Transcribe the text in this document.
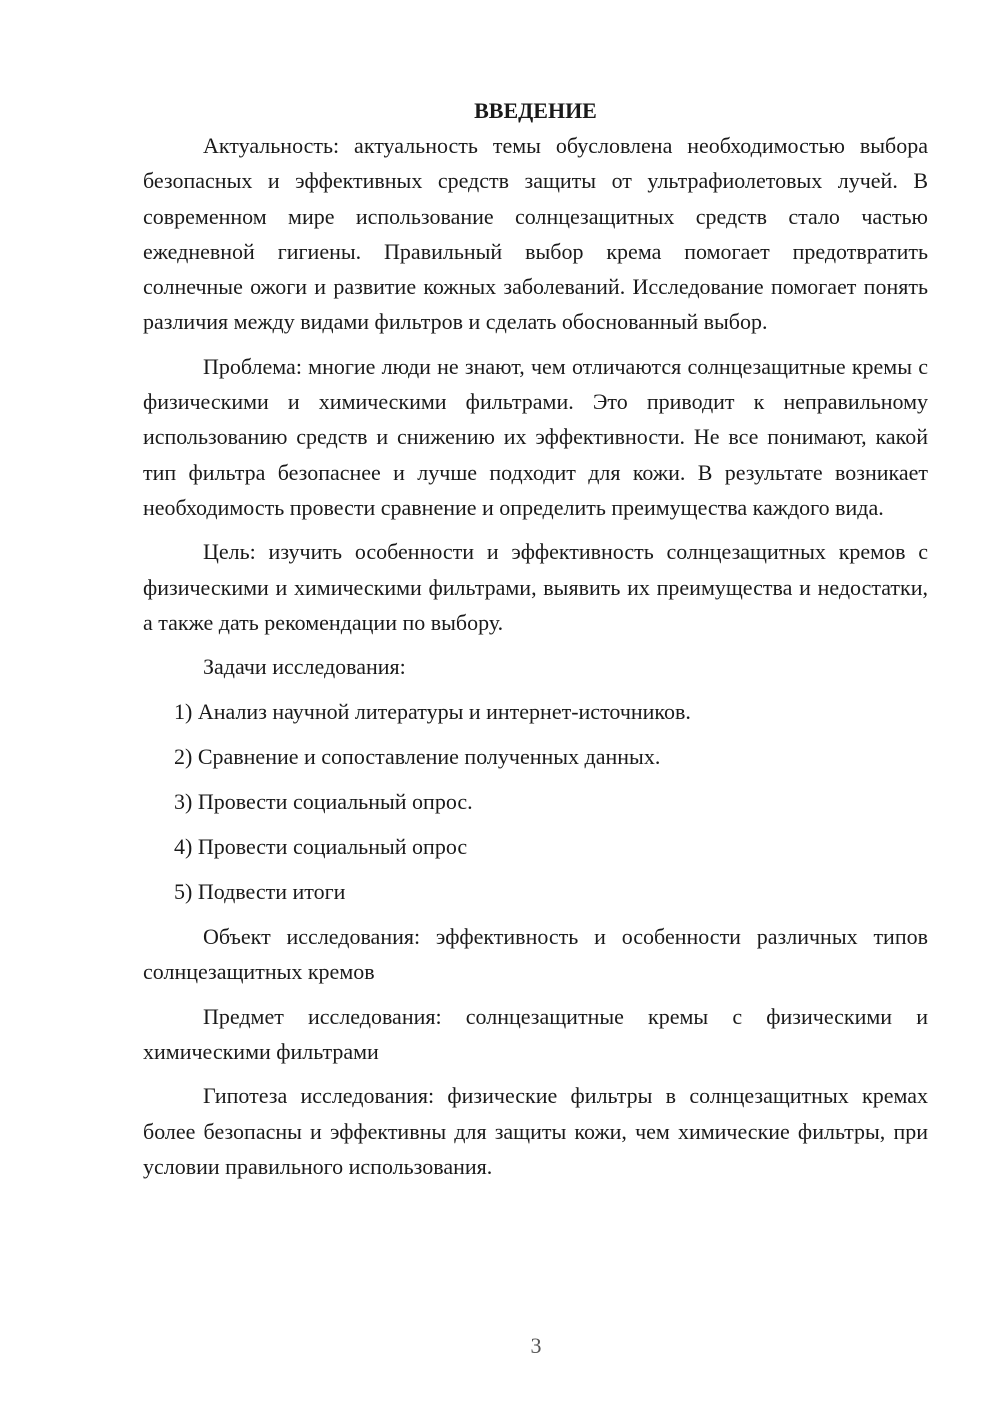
ВВЕДЕНИЕ

Актуальность: актуальность темы обусловлена необходимостью выбора безопасных и эффективных средств защиты от ультрафиолетовых лучей. В современном мире использование солнцезащитных средств стало частью ежедневной гигиены. Правильный выбор крема помогает предотвратить солнечные ожоги и развитие кожных заболеваний. Исследование помогает понять различия между видами фильтров и сделать обоснованный выбор.

Проблема: многие люди не знают, чем отличаются солнцезащитные кремы с физическими и химическими фильтрами. Это приводит к неправильному использованию средств и снижению их эффективности. Не все понимают, какой тип фильтра безопаснее и лучше подходит для кожи. В результате возникает необходимость провести сравнение и определить преимущества каждого вида.

Цель: изучить особенности и эффективность солнцезащитных кремов с физическими и химическими фильтрами, выявить их преимущества и недостатки, а также дать рекомендации по выбору.

Задачи исследования:
1) Анализ научной литературы и интернет-источников.
2) Сравнение и сопоставление полученных данных.
3) Провести социальный опрос.
4) Провести социальный опрос
5) Подвести итоги

Объект исследования: эффективность и особенности различных типов солнцезащитных кремов

Предмет исследования: солнцезащитные кремы с физическими и химическими фильтрами

Гипотеза исследования: физические фильтры в солнцезащитных кремах более безопасны и эффективны для защиты кожи, чем химические фильтры, при условии правильного использования.

3
